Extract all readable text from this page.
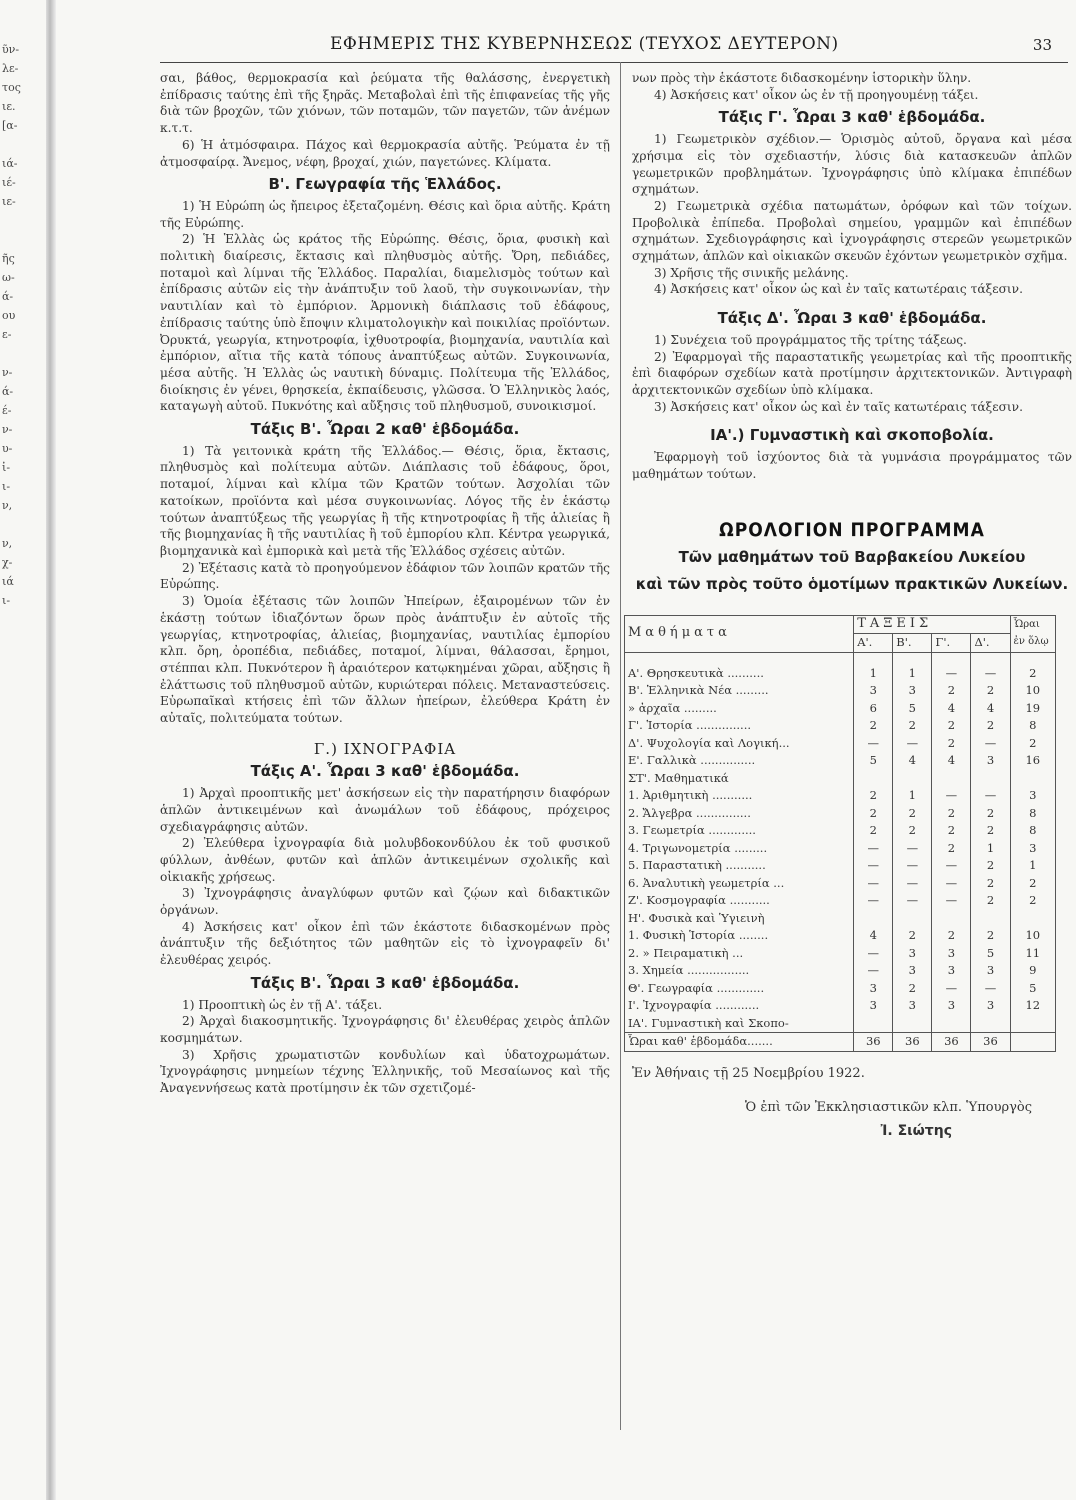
ῦν-
λε-
τος
ιε.
[α-
ιά-
ιέ-
ιε-
ῆς
ω-
ά-
ου
ε-
ν-
ά-
έ-
ν-
υ-
ἰ-
ι-
ν,
ν,
χ-
ιά
ι-
ΕΦΗΜΕΡΙΣ ΤΗΣ ΚΥΒΕΡΝΗΣΕΩΣ (ΤΕΥΧΟΣ ΔΕΥΤΕΡΟΝ)	33

σαι, βάθος, θερμοκρασία καὶ ῥεύματα τῆς θαλάσσης, ἐνεργετικὴ ἐπίδρασις ταύτης ἐπὶ τῆς ξηρᾶς. Μεταβολαὶ ἐπὶ τῆς ἐπιφανείας τῆς γῆς διὰ τῶν βροχῶν, τῶν χιόνων, τῶν ποταμῶν, τῶν παγετῶν, τῶν ἀνέμων κ.τ.τ.

6) Ἡ ἀτμόσφαιρα. Πάχος καὶ θερμοκρασία αὐτῆς. Ῥεύματα ἐν τῇ ἀτμοσφαίρᾳ. Ἄνεμος, νέφη, βροχαί, χιών, παγετώνες. Κλίματα.

Β'. Γεωγραφία τῆς Ἑλλάδος.

1) Ἡ Εὐρώπη ὡς ἤπειρος ἐξεταζομένη. Θέσις καὶ ὅρια αὐτῆς. Κράτη τῆς Εὐρώπης.

2) Ἡ Ἑλλὰς ὡς κράτος τῆς Εὐρώπης. Θέσις, ὅρια, φυσικὴ καὶ πολιτικὴ διαίρεσις, ἔκτασις καὶ πληθυσμὸς αὐτῆς. Ὄρη, πεδιάδες, ποταμοὶ καὶ λίμναι τῆς Ἑλλάδος. Παραλίαι, διαμελισμὸς τούτων καὶ ἐπίδρασις αὐτῶν εἰς τὴν ἀνάπτυξιν τοῦ λαοῦ, τὴν συγκοινωνίαν, τὴν ναυτιλίαν καὶ τὸ ἐμπόριον. Ἁρμονικὴ διάπλασις τοῦ ἐδάφους, ἐπίδρασις ταύτης ὑπὸ ἔποψιν κλιματολογικὴν καὶ ποικιλίας προϊόντων. Ὀρυκτά, γεωργία, κτηνοτροφία, ἰχθυοτροφία, βιομηχανία, ναυτιλία καὶ ἐμπόριον, αἴτια τῆς κατὰ τόπους ἀναπτύξεως αὐτῶν. Συγκοινωνία, μέσα αὐτῆς. Ἡ Ἑλλὰς ὡς ναυτικὴ δύναμις. Πολίτευμα τῆς Ἑλλάδος, διοίκησις ἐν γένει, θρησκεία, ἐκπαίδευσις, γλῶσσα. Ὁ Ἑλληνικὸς λαός, καταγωγὴ αὐτοῦ. Πυκνότης καὶ αὔξησις τοῦ πληθυσμοῦ, συνοικισμοί.

Τάξις Β'. Ὧραι 2 καθ' ἑβδομάδα.

1) Τὰ γειτονικὰ κράτη τῆς Ἑλλάδος.— Θέσις, ὅρια, ἔκτασις, πληθυσμὸς καὶ πολίτευμα αὐτῶν. Διάπλασις τοῦ ἐδάφους, ὅροι, ποταμοί, λίμναι καὶ κλίμα τῶν Κρατῶν τούτων. Ἀσχολίαι τῶν κατοίκων, προϊόντα καὶ μέσα συγκοινωνίας. Λόγος τῆς ἐν ἑκάστῳ τούτων ἀναπτύξεως τῆς γεωργίας ἢ τῆς κτηνοτροφίας ἢ τῆς ἁλιείας ἢ τῆς βιομηχανίας ἢ τῆς ναυτιλίας ἢ τοῦ ἐμπορίου κλπ. Κέντρα γεωργικά, βιομηχανικὰ καὶ ἐμπορικὰ καὶ μετὰ τῆς Ἑλλάδος σχέσεις αὐτῶν.

2) Ἐξέτασις κατὰ τὸ προηγούμενον ἐδάφιον τῶν λοιπῶν κρατῶν τῆς Εὐρώπης.

3) Ὁμοία ἐξέτασις τῶν λοιπῶν Ἠπείρων, ἐξαιρομένων τῶν ἐν ἑκάστῃ τούτων ἰδιαζόντων ὅρων πρὸς ἀνάπτυξιν ἐν αὐτοῖς τῆς γεωργίας, κτηνοτροφίας, ἁλιείας, βιομηχανίας, ναυτιλίας ἐμπορίου κλπ. ὄρη, ὀροπέδια, πεδιάδες, ποταμοί, λίμναι, θάλασσαι, ἔρημοι, στέππαι κλπ. Πυκνότερον ἢ ἀραιότερον κατῳκημέναι χῶραι, αὔξησις ἢ ἐλάττωσις τοῦ πληθυσμοῦ αὐτῶν, κυριώτεραι πόλεις. Μεταναστεύσεις. Εὐρωπαῖκαὶ κτήσεις ἐπὶ τῶν ἄλλων ἠπείρων, ἐλεύθερα Κράτη ἐν αὐταῖς, πολιτεύματα τούτων.

Γ.) ΙΧΝΟΓΡΑΦΙΑ
Τάξις Α'. Ὧραι 3 καθ' ἑβδομάδα.

1) Ἀρχαὶ προοπτικῆς μετ' ἀσκήσεων εἰς τὴν παρατήρησιν διαφόρων ἁπλῶν ἀντικειμένων καὶ ἀνωμάλων τοῦ ἐδάφους, πρόχειρος σχεδιαγράφησις αὐτῶν.

2) Ἐλεύθερα ἰχνογραφία διὰ μολυβδοκονδύλου ἐκ τοῦ φυσικοῦ φύλλων, ἀνθέων, φυτῶν καὶ ἁπλῶν ἀντικειμένων σχολικῆς καὶ οἰκιακῆς χρήσεως.

3) Ἰχνογράφησις ἀναγλύφων φυτῶν καὶ ζῴων καὶ διδακτικῶν ὀργάνων.

4) Ἀσκήσεις κατ' οἶκον ἐπὶ τῶν ἑκάστοτε διδασκομένων πρὸς ἀνάπτυξιν τῆς δεξιότητος τῶν μαθητῶν εἰς τὸ ἰχνογραφεῖν δι' ἐλευθέρας χειρός.

Τάξις Β'. Ὧραι 3 καθ' ἑβδομάδα.

1) Προοπτικὴ ὡς ἐν τῇ Α'. τάξει.

2) Ἀρχαὶ διακοσμητικῆς. Ἰχνογράφησις δι' ἐλευθέρας χειρὸς ἁπλῶν κοσμημάτων.

3) Χρῆσις χρωματιστῶν κονδυλίων καὶ ὑδατοχρωμάτων. Ἰχνογράφησις μνημείων τέχνης Ἑλληνικῆς, τοῦ Μεσαίωνος καὶ τῆς Ἀναγεννήσεως κατὰ προτίμησιν ἐκ τῶν σχετιζομέ-

νων πρὸς τὴν ἑκάστοτε διδασκομένην ἱστορικὴν ὕλην.

4) Ἀσκήσεις κατ' οἶκον ὡς ἐν τῇ προηγουμένῃ τάξει.

Τάξις Γ'. Ὧραι 3 καθ' ἑβδομάδα.

1) Γεωμετρικὸν σχέδιον.— Ὁρισμὸς αὐτοῦ, ὄργανα καὶ μέσα χρήσιμα εἰς τὸν σχεδιαστήν, λύσις διὰ κατασκευῶν ἁπλῶν γεωμετρικῶν προβλημάτων. Ἰχνογράφησις ὑπὸ κλίμακα ἐπιπέδων σχημάτων.

2) Γεωμετρικὰ σχέδια πατωμάτων, ὀρόφων καὶ τῶν τοίχων. Προβολικὰ ἐπίπεδα. Προβολαὶ σημείου, γραμμῶν καὶ ἐπιπέδων σχημάτων. Σχεδιογράφησις καὶ ἰχνογράφησις στερεῶν γεωμετρικῶν σχημάτων, ἁπλῶν καὶ οἰκιακῶν σκευῶν ἐχόντων γεωμετρικὸν σχῆμα.

3) Χρῆσις τῆς σινικῆς μελάνης.

4) Ἀσκήσεις κατ' οἶκον ὡς καὶ ἐν ταῖς κατωτέραις τάξεσιν.

Τάξις Δ'. Ὧραι 3 καθ' ἑβδομάδα.

1) Συνέχεια τοῦ προγράμματος τῆς τρίτης τάξεως.

2) Ἐφαρμογαὶ τῆς παραστατικῆς γεωμετρίας καὶ τῆς προοπτικῆς ἐπὶ διαφόρων σχεδίων κατὰ προτίμησιν ἀρχιτεκτονικῶν. Ἀντιγραφὴ ἀρχιτεκτονικῶν σχεδίων ὑπὸ κλίμακα.

3) Ἀσκήσεις κατ' οἶκον ὡς καὶ ἐν ταῖς κατωτέραις τάξεσιν.

ΙΑ'.) Γυμναστικὴ καὶ σκοποβολία.

Ἐφαρμογὴ τοῦ ἰσχύοντος διὰ τὰ γυμνάσια προγράμματος τῶν μαθημάτων τούτων.

ΩΡΟΛΟΓΙΟΝ ΠΡΟΓΡΑΜΜΑ
Τῶν μαθημάτων τοῦ Βαρβακείου Λυκείου
καὶ τῶν πρὸς τοῦτο ὁμοτίμων πρακτικῶν Λυκείων.
Μαθήματα	ΤΑΞΕΙΣ				Ὧραι ἐν ὅλῳ
	Α'.	Β'.	Γ'.	Δ'.	
Α'. Θρησκευτικὰ ..........	1	1	—	—	2
Β'. Ἑλληνικὰ Νέα .........	3	3	2	2	10
» ἀρχαῖα .........	6	5	4	4	19
Γ'. Ἱστορία ...............	2	2	2	2	8
Δ'. Ψυχολογία καὶ Λογική...	—	—	2	—	2
Ε'. Γαλλικὰ ...............	5	4	4	3	16
ΣΤ'. Μαθηματικά					
1. Ἀριθμητικὴ ...........	2	1	—	—	3
2. Ἄλγεβρα ...............	2	2	2	2	8
3. Γεωμετρία .............	2	2	2	2	8
4. Τριγωνομετρία .........	—	—	2	1	3
5. Παραστατικὴ ...........	—	—	—	2	1
6. Ἀναλυτικὴ γεωμετρία ...	—	—	—	2	2
Ζ'. Κοσμογραφία ...........	—	—	—	2	2
Η'. Φυσικὰ καὶ Ὑγιεινὴ					
1. Φυσικὴ Ἱστορία ........	4	2	2	2	10
2. » Πειραματικὴ ...	—	3	3	5	11
3. Χημεία .................	—	3	3	3	9
Θ'. Γεωγραφία .............	3	2	—	—	5
Ι'. Ἰχνογραφία ............	3	3	3	3	12
ΙΑ'. Γυμναστικὴ καὶ Σκοπο-					
Ὧραι καθ' ἑβδομάδα.......	36	36	36	36	
Ἐν Ἀθήναις τῇ 25 Νοεμβρίου 1922.
Ὁ ἐπὶ τῶν Ἐκκλησιαστικῶν κλπ. Ὑπουργὸς
Ἰ. Σιώτης
